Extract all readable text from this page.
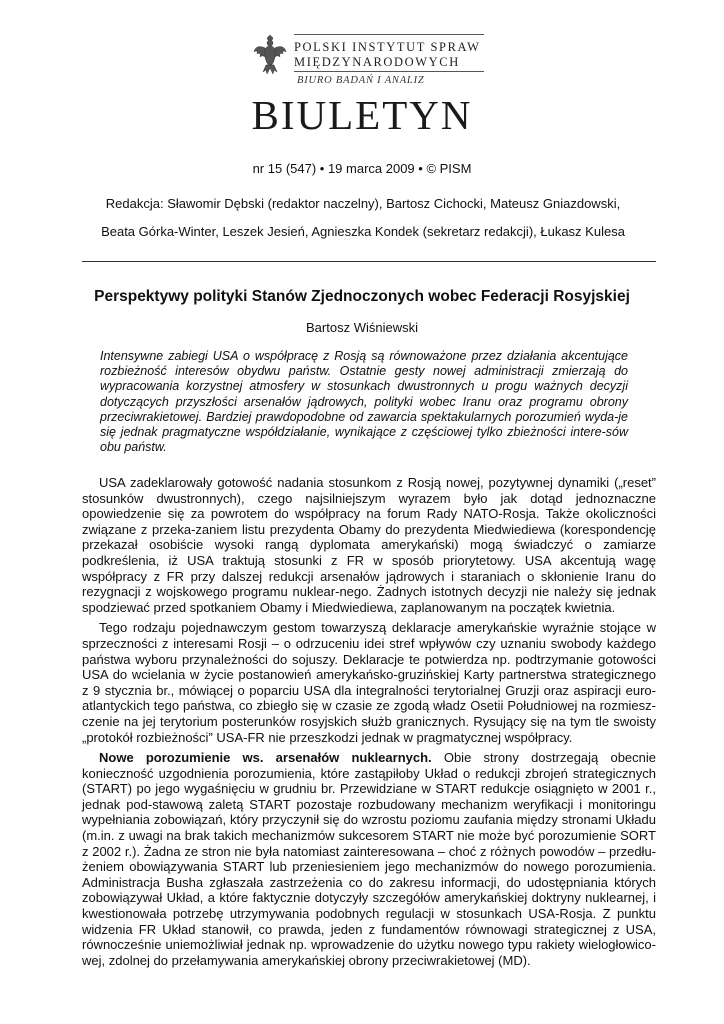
POLSKI INSTYTUT SPRAW
MIĘDZYNARODOWYCH
BIURO BADAŃ I ANALIZ
BIULETYN
nr 15 (547) • 19 marca 2009 • © PISM
Redakcja: Sławomir Dębski (redaktor naczelny), Bartosz Cichocki, Mateusz Gniazdowski,
Beata Górka-Winter, Leszek Jesień, Agnieszka Kondek (sekretarz redakcji), Łukasz Kulesa
Perspektywy polityki Stanów Zjednoczonych wobec Federacji Rosyjskiej
Bartosz Wiśniewski
Intensywne zabiegi USA o współpracę z Rosją są równoważone przez działania akcentujące rozbieżność interesów obydwu państw. Ostatnie gesty nowej administracji zmierzają do wypracowania korzystnej atmosfery w stosunkach dwustronnych u progu ważnych decyzji dotyczących przyszłości arsenałów jądrowych, polityki wobec Iranu oraz programu obrony przeciwrakietowej. Bardziej prawdopodobne od zawarcia spektakularnych porozumień wyda-je się jednak pragmatyczne współdziałanie, wynikające z częściowej tylko zbieżności intere-sów obu państw.

USA zadeklarowały gotowość nadania stosunkom z Rosją nowej, pozytywnej dynamiki („reset” stosunków dwustronnych), czego najsilniejszym wyrazem było jak dotąd jednoznaczne opowiedzenie się za powrotem do współpracy na forum Rady NATO-Rosja. Także okoliczności związane z przeka-zaniem listu prezydenta Obamy do prezydenta Miedwiediewa (korespondencję przekazał osobiście wysoki rangą dyplomata amerykański) mogą świadczyć o zamiarze podkreślenia, iż USA traktują stosunki z FR w sposób priorytetowy. USA akcentują wagę współpracy z FR przy dalszej redukcji arsenałów jądrowych i staraniach o skłonienie Iranu do rezygnacji z wojskowego programu nuklear-nego. Żadnych istotnych decyzji nie należy się jednak spodziewać przed spotkaniem Obamy i Miedwiediewa, zaplanowanym na początek kwietnia.

Tego rodzaju pojednawczym gestom towarzyszą deklaracje amerykańskie wyraźnie stojące w sprzeczności z interesami Rosji – o odrzuceniu idei stref wpływów czy uznaniu swobody każdego państwa wyboru przynależności do sojuszy. Deklaracje te potwierdza np. podtrzymanie gotowości USA do wcielania w życie postanowień amerykańsko-gruzińskiej Karty partnerstwa strategicznego z 9 stycznia br., mówiącej o poparciu USA dla integralności terytorialnej Gruzji oraz aspiracji euro-atlantyckich tego państwa, co zbiegło się w czasie ze zgodą władz Osetii Południowej na rozmiesz-czenie na jej terytorium posterunków rosyjskich służb granicznych. Rysujący się na tym tle swoisty „protokół rozbieżności” USA-FR nie przeszkodzi jednak w pragmatycznej współpracy.

Nowe porozumienie ws. arsenałów nuklearnych. Obie strony dostrzegają obecnie konieczność uzgodnienia porozumienia, które zastąpiłoby Układ o redukcji zbrojeń strategicznych (START) po jego wygaśnięciu w grudniu br. Przewidziane w START redukcje osiągnięto w 2001 r., jednak pod-stawową zaletą START pozostaje rozbudowany mechanizm weryfikacji i monitoringu wypełniania zobowiązań, który przyczynił się do wzrostu poziomu zaufania między stronami Układu (m.in. z uwagi na brak takich mechanizmów sukcesorem START nie może być porozumienie SORT z 2002 r.). Żadna ze stron nie była natomiast zainteresowana – choć z różnych powodów – przedłu-żeniem obowiązywania START lub przeniesieniem jego mechanizmów do nowego porozumienia. Administracja Busha zgłaszała zastrzeżenia co do zakresu informacji, do udostępniania których zobowiązywał Układ, a które faktycznie dotyczyły szczegółów amerykańskiej doktryny nuklearnej, i kwestionowała potrzebę utrzymywania podobnych regulacji w stosunkach USA-Rosja. Z punktu widzenia FR Układ stanowił, co prawda, jeden z fundamentów równowagi strategicznej z USA, równocześnie uniemożliwiał jednak np. wprowadzenie do użytku nowego typu rakiety wielogłowico-wej, zdolnej do przełamywania amerykańskiej obrony przeciwrakietowej (MD).
